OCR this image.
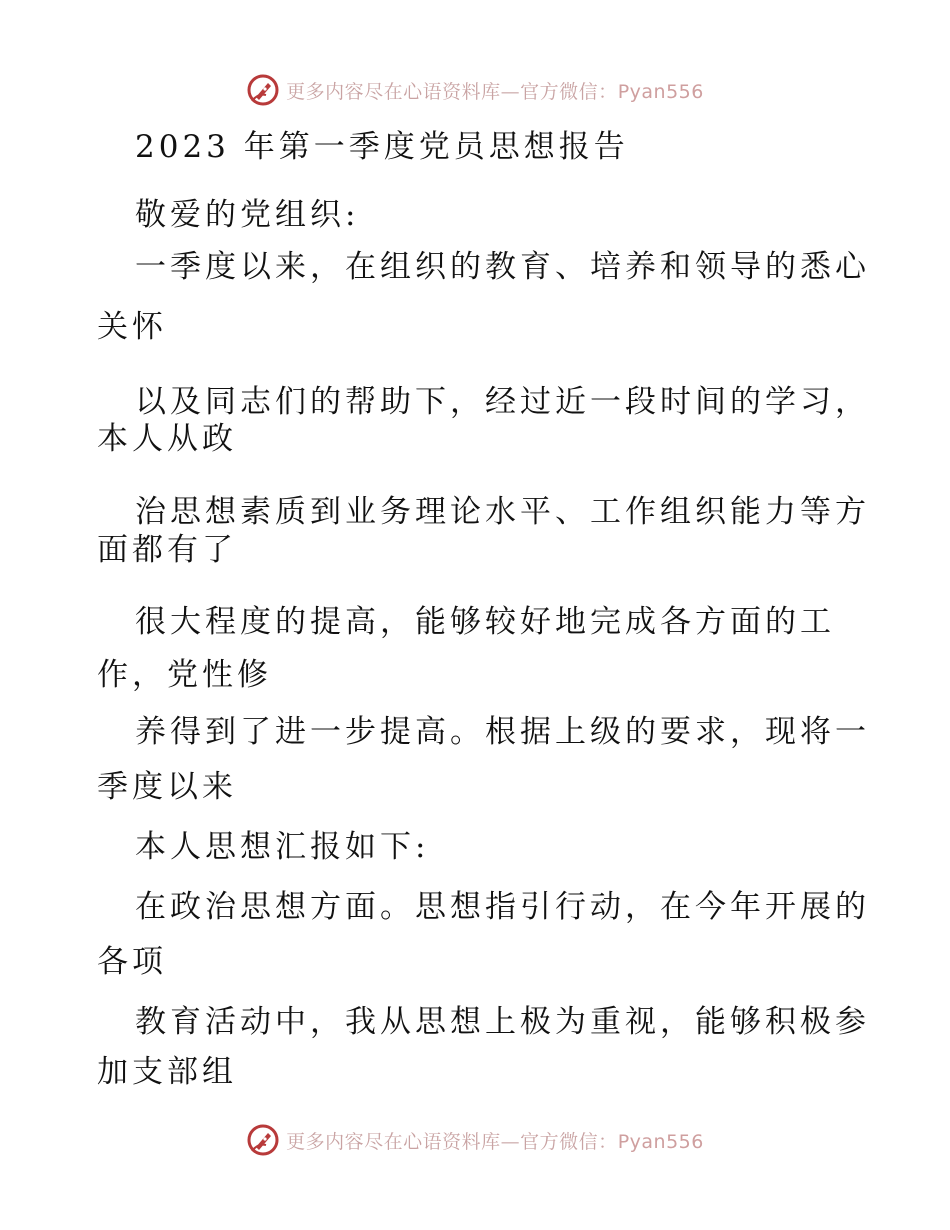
更多内容尽在心语资料库—官方微信：Pyan556
2023 年第一季度党员思想报告
敬爱的党组织:
一季度以来，在组织的教育、培养和领导的悉心
关怀
以及同志们的帮助下，经过近一段时间的学习，
本人从政
治思想素质到业务理论水平、工作组织能力等方
面都有了
很大程度的提高，能够较好地完成各方面的工
作，党性修
养得到了进一步提高。根据上级的要求，现将一
季度以来
本人思想汇报如下:
在政治思想方面。思想指引行动，在今年开展的
各项
教育活动中，我从思想上极为重视，能够积极参
加支部组
更多内容尽在心语资料库—官方微信：Pyan556
